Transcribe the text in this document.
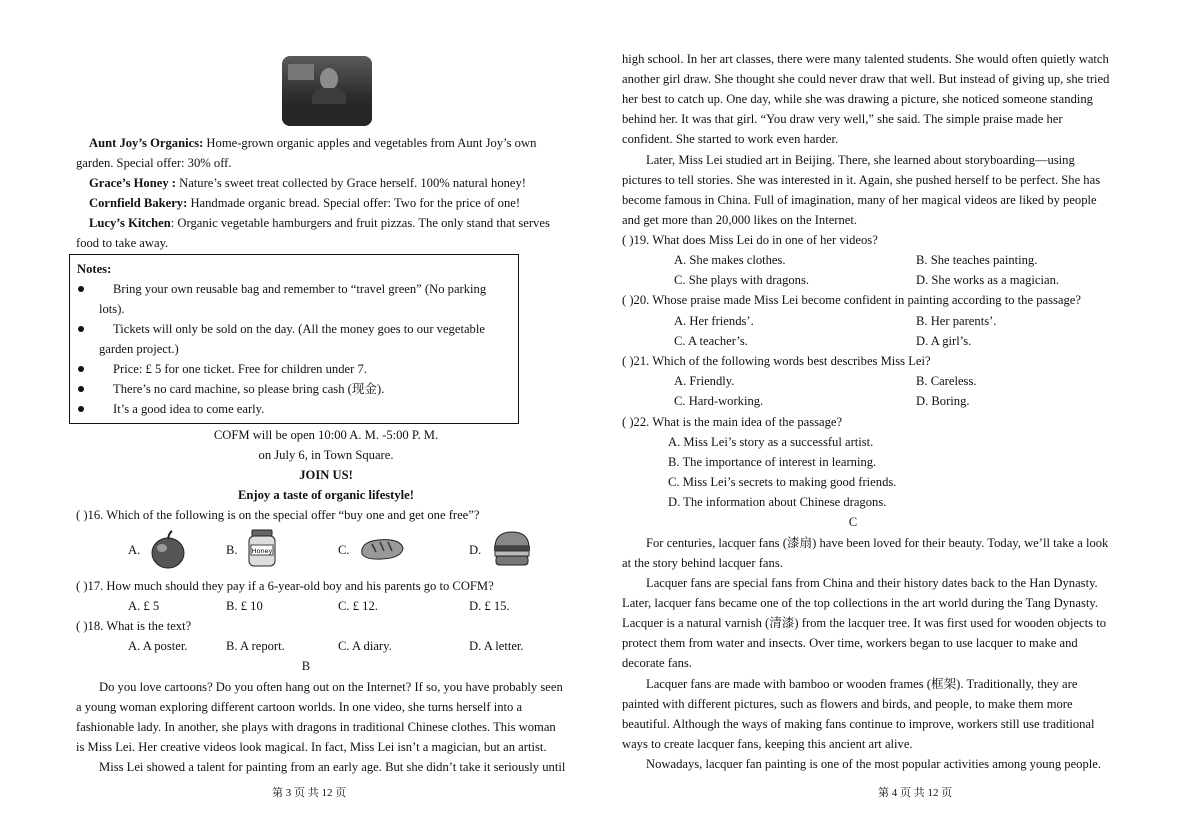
Aunt Joy’s Organics: Home-grown organic apples and vegetables from Aunt Joy’s own
garden. Special offer: 30% off.
Grace’s Honey : Nature’s sweet treat collected by Grace herself. 100% natural honey!
Cornfield Bakery: Handmade organic bread. Special offer: Two for the price of one!
Lucy’s Kitchen: Organic vegetable hamburgers and fruit pizzas. The only stand that serves
food to take away.
Notes:
Bring your own reusable bag and remember to “travel green” (No parking
lots).
Tickets will only be sold on the day. (All the money goes to our vegetable
garden project.)
Price: £ 5 for one ticket. Free for children under 7.
There’s no card machine, so please bring cash (现金).
It’s a good idea to come early.
COFM will be open 10:00 A. M. -5:00 P. M.
on July 6, in Town Square.
JOIN US!
Enjoy a taste of organic lifestyle!
( )16. Which of the following is on the special offer “buy one and get one free”?
A.	B.	C.	D.
Honey
( )17. How much should they pay if a 6-year-old boy and his parents go to COFM?
A. £ 5	B. £ 10	C. £ 12.	D. £ 15.
( )18. What is the text?
A. A poster.	B. A report.	C. A diary.	D. A letter.
B
Do you love cartoons? Do you often hang out on the Internet? If so, you have probably seen
a young woman exploring different cartoon worlds. In one video, she turns herself into a
fashionable lady. In another, she plays with dragons in traditional Chinese clothes. This woman
is Miss Lei. Her creative videos look magical. In fact, Miss Lei isn’t a magician, but an artist.
Miss Lei showed a talent for painting from an early age. But she didn’t take it seriously until
第 3 页 共 12 页
high school. In her art classes, there were many talented students. She would often quietly watch
another girl draw. She thought she could never draw that well. But instead of giving up, she tried
her best to catch up. One day, while she was drawing a picture, she noticed someone standing
behind her. It was that girl. “You draw very well,” she said. The simple praise made her
confident. She started to work even harder.
Later, Miss Lei studied art in Beijing. There, she learned about storyboarding—using
pictures to tell stories. She was interested in it. Again, she pushed herself to be perfect. She has
become famous in China. Full of imagination, many of her magical videos are liked by people
and get more than 20,000 likes on the Internet.
( )19. What does Miss Lei do in one of her videos?
A. She makes clothes.	B. She teaches painting.
C. She plays with dragons.	D. She works as a magician.
( )20. Whose praise made Miss Lei become confident in painting according to the passage?
A. Her friends’.	B. Her parents’.
C. A teacher’s.	D. A girl’s.
( )21. Which of the following words best describes Miss Lei?
A. Friendly.	B. Careless.
C. Hard-working.	D. Boring.
( )22. What is the main idea of the passage?
A. Miss Lei’s story as a successful artist.
B. The importance of interest in learning.
C. Miss Lei’s secrets to making good friends.
D. The information about Chinese dragons.
C
For centuries, lacquer fans (漆扇) have been loved for their beauty. Today, we’ll take a look
at the story behind lacquer fans.
Lacquer fans are special fans from China and their history dates back to the Han Dynasty.
Later, lacquer fans became one of the top collections in the art world during the Tang Dynasty.
Lacquer is a natural varnish (清漆) from the lacquer tree. It was first used for wooden objects to
protect them from water and insects. Over time, workers began to use lacquer to make and
decorate fans.
Lacquer fans are made with bamboo or wooden frames (框架). Traditionally, they are
painted with different pictures, such as flowers and birds, and people, to make them more
beautiful. Although the ways of making fans continue to improve, workers still use traditional
ways to create lacquer fans, keeping this ancient art alive.
Nowadays, lacquer fan painting is one of the most popular activities among young people.
第 4 页 共 12 页
